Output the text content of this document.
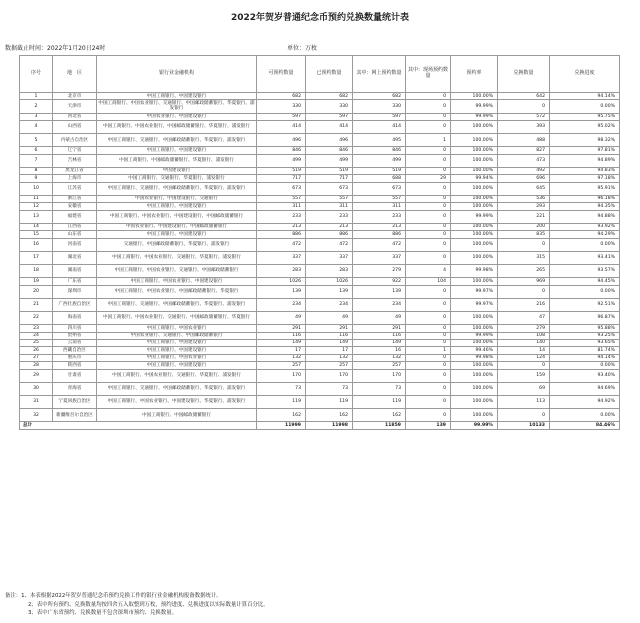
2022年贺岁普通纪念币预约兑换数量统计表
数据截止时间：2022年1月20日24时	单位：万枚
序号	地　区	银行业金融机构	可预约数量	已预约数量	其中：网上预约数量	其中：现场预约数量	预约率	兑换数量	兑换进度
1	北京市	中国工商银行、中国建设银行	682	682	682	0	100.00%	642	94.14%
2	天津市	中国工商银行、中国农业银行、交通银行、中国邮政储蓄银行、华夏银行、浦发银行	330	330	330	0	99.99%	0	0.00%
3	河北省	中国农业银行、中国建设银行	597	597	597	0	99.99%	572	95.75%
4	山西省	中国工商银行、中国农业银行、中国邮政储蓄银行、华夏银行、浦发银行	414	414	414	0	100.00%	393	95.02%
5	内蒙古自治区	中国工商银行、交通银行、中国邮政储蓄银行、华夏银行、浦发银行	496	496	495	1	100.00%	488	98.32%
6	辽宁省	中国工商银行、中国建设银行	846	846	846	0	100.00%	827	97.81%
7	吉林省	中国工商银行、中国邮政储蓄银行、华夏银行、浦发银行	499	499	499	0	100.00%	473	94.89%
8	黑龙江省	中国建设银行	519	519	519	0	100.00%	492	94.83%
9	上海市	中国工商银行、交通银行、华夏银行、浦发银行	717	717	688	29	99.94%	696	97.18%
10	江苏省	中国工商银行、交通银行、中国邮政储蓄银行、华夏银行、浦发银行	673	673	673	0	100.00%	645	95.91%
11	浙江省	中国农业银行、中国建设银行、交通银行	557	557	557	0	100.00%	536	96.18%
12	安徽省	中国工商银行、中国建设银行	311	311	311	0	100.00%	293	94.35%
13	福建省	中国工商银行、中国农业银行、中国建设银行、中国邮政储蓄银行	233	233	233	0	99.99%	221	94.88%
14	江西省	中国农业银行、中国建设银行、中国邮政储蓄银行	213	213	213	0	100.00%	200	93.92%
15	山东省	中国工商银行、中国建设银行	886	886	886	0	100.00%	835	94.29%
16	河南省	交通银行、中国邮政储蓄银行、华夏银行、浦发银行	472	472	472	0	100.00%	0	0.00%
17	湖北省	中国工商银行、中国农业银行、交通银行、华夏银行、浦发银行	337	337	337	0	100.00%	315	93.41%
18	湖南省	中国工商银行、中国农业银行、交通银行、中国邮政储蓄银行	283	283	279	4	99.98%	265	93.57%
19	广东省	中国工商银行、中国农业银行、中国建设银行	1026	1026	922	104	100.00%	969	94.45%
20	深圳市	中国工商银行、中国农业银行、中国邮政储蓄银行、华夏银行	139	139	139	0	99.97%	0	0.00%
21	广西壮族自治区	中国工商银行、交通银行、中国邮政储蓄银行、华夏银行、浦发银行	234	234	234	0	99.97%	216	92.51%
22	海南省	中国工商银行、中国农业银行、交通银行、中国邮政储蓄银行、华夏银行	49	49	49	0	100.00%	47	96.87%
23	四川省	中国工商银行、中国农业银行	291	291	291	0	100.00%	279	95.88%
24	贵州省	中国农业银行、交通银行、中国邮政储蓄银行	116	116	116	0	99.99%	108	93.25%
25	云南省	中国工商银行、中国建设银行	149	149	149	0	100.00%	140	93.65%
26	西藏自治区	中国工商银行、中国建设银行	17	17	16	1	99.46%	14	81.74%
27	重庆市	中国工商银行、中国农业银行	132	132	132	0	99.98%	124	94.14%
28	陕西省	中国工商银行、中国建设银行	257	257	257	0	100.00%	0	0.00%
29	甘肃省	中国工商银行、中国农业银行、交通银行、华夏银行、浦发银行	170	170	170	0	100.00%	159	93.40%
30	青海省	中国工商银行、交通银行、中国邮政储蓄银行、华夏银行、浦发银行	73	73	73	0	100.00%	69	94.69%
31	宁夏回族自治区	中国工商银行、中国农业银行、中国建设银行、华夏银行、浦发银行	119	119	119	0	100.00%	113	94.92%
32	新疆维吾尔自治区	中国工商银行、中国邮政储蓄银行	162	162	162	0	100.00%	0	0.00%
总计			11999	11998	11859	139	99.99%	10133	84.46%
备注：1、本表根据2022年贺岁普通纪念币预约兑换工作的银行业金融机构报备数据统计。
2、表中所有预约、兑换数量均按四舍五入取整到万枚，预约进度、兑换进度以实际数量计算百分比。
3、表中广东省预约、兑换数量不包含深圳市预约、兑换数量。
